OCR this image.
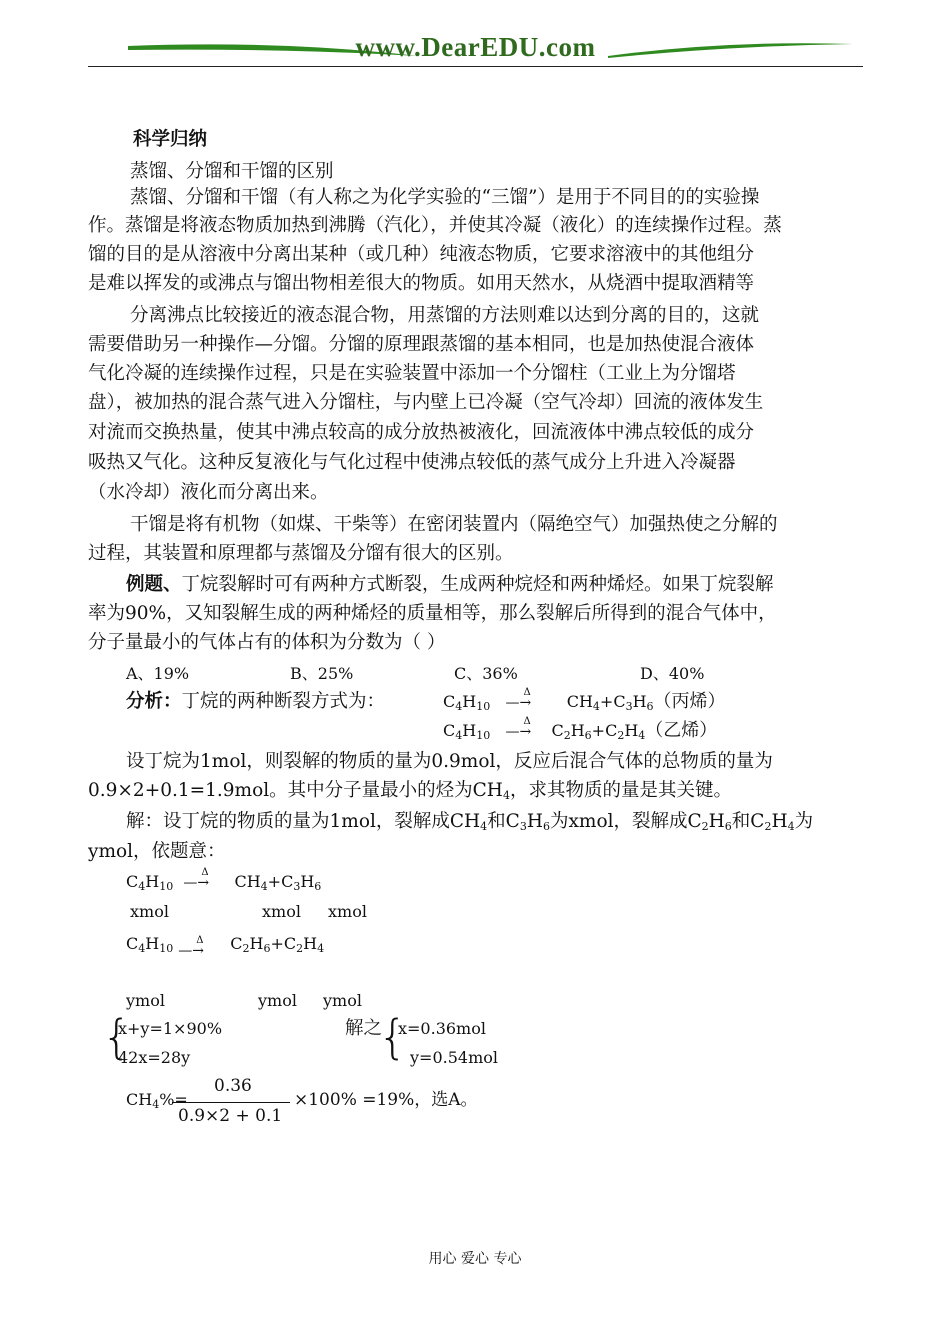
www.DearEDU.com
科学归纳
蒸馏、分馏和干馏的区别
蒸馏、分馏和干馏（有人称之为化学实验的“三馏”）是用于不同目的的实验操
作。蒸馏是将液态物质加热到沸腾（汽化），并使其冷凝（液化）的连续操作过程。蒸
馏的目的是从溶液中分离出某种（或几种）纯液态物质，它要求溶液中的其他组分
是难以挥发的或沸点与馏出物相差很大的物质。如用天然水，从烧酒中提取酒精等
分离沸点比较接近的液态混合物，用蒸馏的方法则难以达到分离的目的，这就
需要借助另一种操作—分馏。分馏的原理跟蒸馏的基本相同，也是加热使混合液体
气化冷凝的连续操作过程，只是在实验装置中添加一个分馏柱（工业上为分馏塔
盘），被加热的混合蒸气进入分馏柱，与内壁上已冷凝（空气冷却）回流的液体发生
对流而交换热量，使其中沸点较高的成分放热被液化，回流液体中沸点较低的成分
吸热又气化。这种反复液化与气化过程中使沸点较低的蒸气成分上升进入冷凝器
（水冷却）液化而分离出来。
干馏是将有机物（如煤、干柴等）在密闭装置内（隔绝空气）加强热使之分解的
过程，其装置和原理都与蒸馏及分馏有很大的区别。
例题、丁烷裂解时可有两种方式断裂，生成两种烷烃和两种烯烃。如果丁烷裂解
率为90%，又知裂解生成的两种烯烃的质量相等，那么裂解后所得到的混合气体中，
分子量最小的气体占有的体积为分数为（ ）
A、19%	B、25%	C、36%	D、40%
分析：丁烷的两种断裂方式为：	$C_4H_{10}$ —
Δ
→   $CH_4+C_3H_6$（丙烯）
$C_4H_{10}$ —
Δ
→ $C_2H_6+C_2H_4$（乙烯）
设丁烷为1mol，则裂解的物质的量为0.9mol，反应后混合气体的总物质的量为
0.9×2+0.1=1.9mol。其中分子量最小的烃为$CH_4$，求其物质的量是其关键。
解：设丁烷的物质的量为1mol，裂解成$CH_4$和$C_3H_6$为xmol，裂解成$C_2H_6$和$C_2H_4$为
ymol，依题意：
$C_4H_{10}$ —
Δ
→ $CH_4+C_3H_6$
xmol	xmol	xmol
$C_4H_{10}$ —
Δ
→ $C_2H_6+C_2H_4$
ymol	ymol	ymol
{
x+y=1×90%
42x=28y
解之
{
x=0.36mol
y=0.54mol
$CH_4\%=$
0.36
0.9×2 + 0.1
×100% =19%，选A。
用心 爱心 专心
